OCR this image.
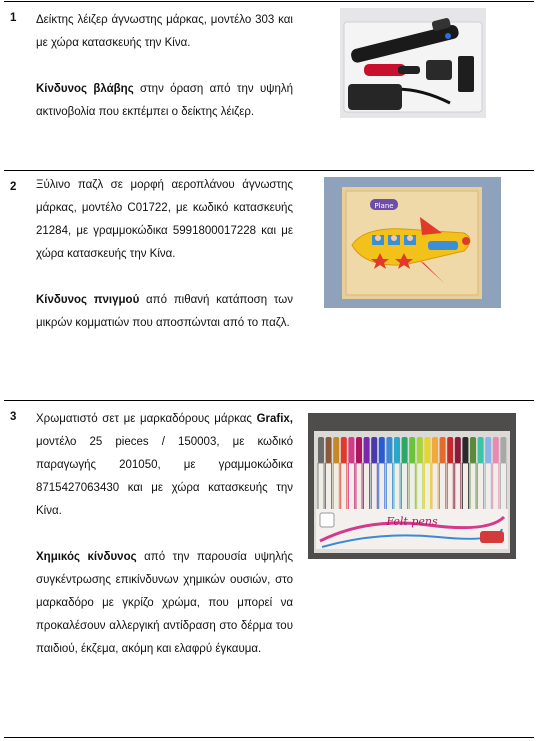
1 Δείκτης λέιζερ άγνωστης μάρκας, μοντέλο 303 και με χώρα κατασκευής την Κίνα.

Κίνδυνος βλάβης στην όραση από την υψηλή ακτινοβολία που εκπέμπει ο δείκτης λέιζερ.

2 Ξύλινο παζλ σε μορφή αεροπλάνου άγνωστης μάρκας, μοντέλο C01722, με κωδικό κατασκευής 21284, με γραμμοκώδικα 5991800017228 και με χώρα κατασκευής την Κίνα.

Κίνδυνος πνιγμού από πιθανή κατάποση των μικρών κομματιών που αποσπώνται από το παζλ.

Plane
3 Χρωματιστό σετ με μαρκαδόρους μάρκας Grafix, μοντέλο 25 pieces / 150003, με κωδικό παραγωγής 201050, με γραμμοκώδικα 8715427063430 και με χώρα κατασκευής την Κίνα.

Χημικός κίνδυνος από την παρουσία υψηλής συγκέντρωσης επικίνδυνων χημικών ουσιών, στο μαρκαδόρο με γκρίζο χρώμα, που μπορεί να προκαλέσουν αλλεργική αντίδραση στο δέρμα του παιδιού, έκζεμα, ακόμη και ελαφρύ έγκαυμα.

Felt pens
